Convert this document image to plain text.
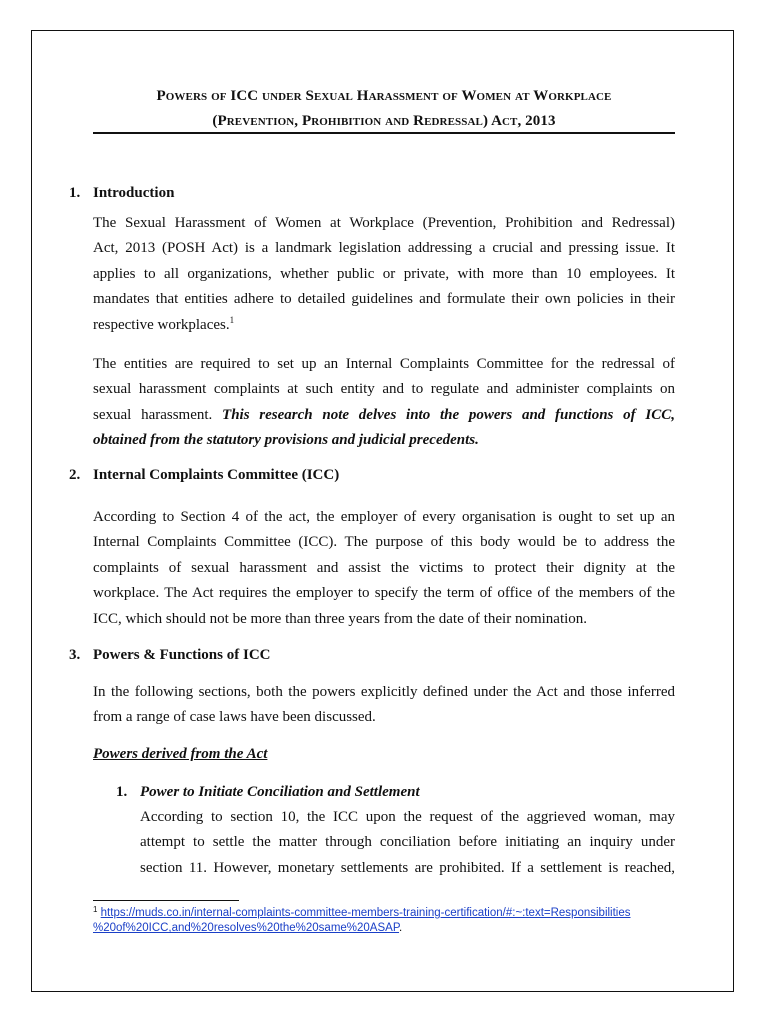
Powers of ICC under Sexual Harassment of Women at Workplace
(Prevention, Prohibition and Redressal) Act, 2013
1. Introduction
The Sexual Harassment of Women at Workplace (Prevention, Prohibition and Redressal)
Act, 2013 (POSH Act) is a landmark legislation addressing a crucial and pressing issue. It
applies to all organizations, whether public or private, with more than 10 employees. It
mandates that entities adhere to detailed guidelines and formulate their own policies in their
respective workplaces.$^1$
The entities are required to set up an Internal Complaints Committee for the redressal of
sexual harassment complaints at such entity and to regulate and administer complaints on
sexual harassment. This research note delves into the powers and functions of ICC,
obtained from the statutory provisions and judicial precedents.
2. Internal Complaints Committee (ICC)
According to Section 4 of the act, the employer of every organisation is ought to set up an
Internal Complaints Committee (ICC). The purpose of this body would be to address the
complaints of sexual harassment and assist the victims to protect their dignity at the
workplace. The Act requires the employer to specify the term of office of the members of the
ICC, which should not be more than three years from the date of their nomination.
3. Powers & Functions of ICC
In the following sections, both the powers explicitly defined under the Act and those inferred
from a range of case laws have been discussed.
Powers derived from the Act
1. Power to Initiate Conciliation and Settlement
According to section 10, the ICC upon the request of the aggrieved woman, may
attempt to settle the matter through conciliation before initiating an inquiry under
section 11. However, monetary settlements are prohibited. If a settlement is reached,
$^1$ https://muds.co.in/internal-complaints-committee-members-training-certification/#:~:text=Responsibilities
%20of%20ICC,and%20resolves%20the%20same%20ASAP.
